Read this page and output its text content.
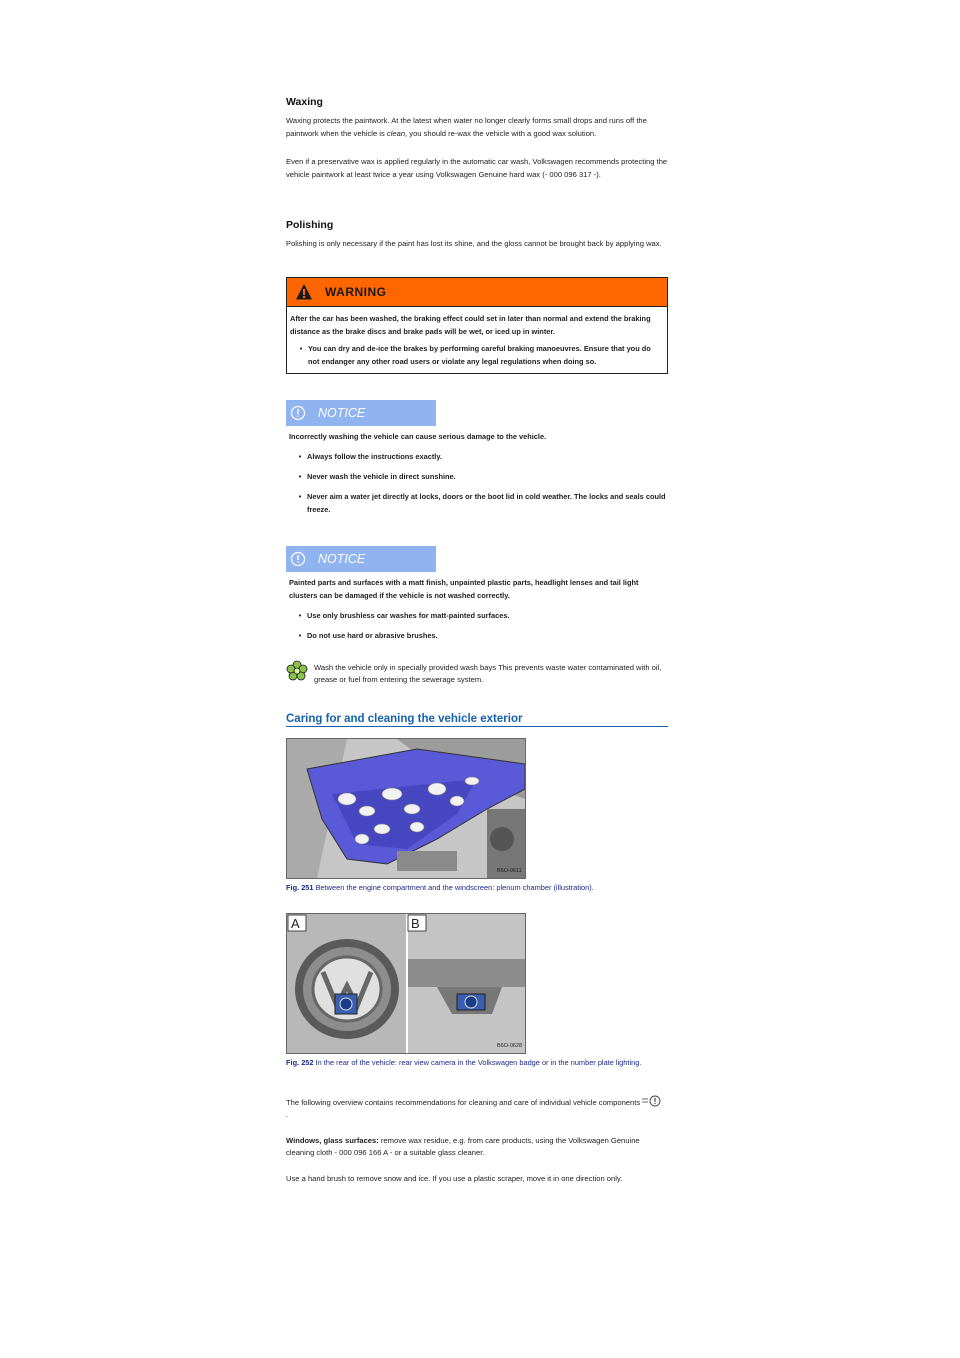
Waxing

Waxing protects the paintwork. At the latest when water no longer clearly forms small drops and runs off the paintwork when the vehicle is clean, you should re-wax the vehicle with a good wax solution.

Even if a preservative wax is applied regularly in the automatic car wash, Volkswagen recommends protecting the vehicle paintwork at least twice a year using Volkswagen Genuine hard wax (- 000 096 317 -).

Polishing

Polishing is only necessary if the paint has lost its shine, and the gloss cannot be brought back by applying wax.

WARNING
After the car has been washed, the braking effect could set in later than normal and extend the braking distance as the brake discs and brake pads will be wet, or iced up in winter.
• You can dry and de-ice the brakes by performing careful braking manoeuvres. Ensure that you do not endanger any other road users or violate any legal regulations when doing so.
NOTICE
Incorrectly washing the vehicle can cause serious damage to the vehicle.
• Always follow the instructions exactly.
• Never wash the vehicle in direct sunshine.
• Never aim a water jet directly at locks, doors or the boot lid in cold weather. The locks and seals could freeze.
NOTICE
Painted parts and surfaces with a matt finish, unpainted plastic parts, headlight lenses and tail light clusters can be damaged if the vehicle is not washed correctly.
• Use only brushless car washes for matt-painted surfaces.
• Do not use hard or abrasive brushes.
Wash the vehicle only in specially provided wash bays This prevents waste water contaminated with oil, grease or fuel from entering the sewerage system.
Caring for and cleaning the vehicle exterior
B6O-0611
Fig. 251 Between the engine compartment and the windscreen: plenum chamber (illustration).
A	B
B6O-0628
Fig. 252 In the rear of the vehicle: rear view camera in the Volkswagen badge or in the number plate lighting.

The following overview contains recommendations for cleaning and care of individual vehicle components  .

Windows, glass surfaces: remove wax residue, e.g. from care products, using the Volkswagen Genuine cleaning cloth - 000 096 166 A - or a suitable glass cleaner.

Use a hand brush to remove snow and ice. If you use a plastic scraper, move it in one direction only.
